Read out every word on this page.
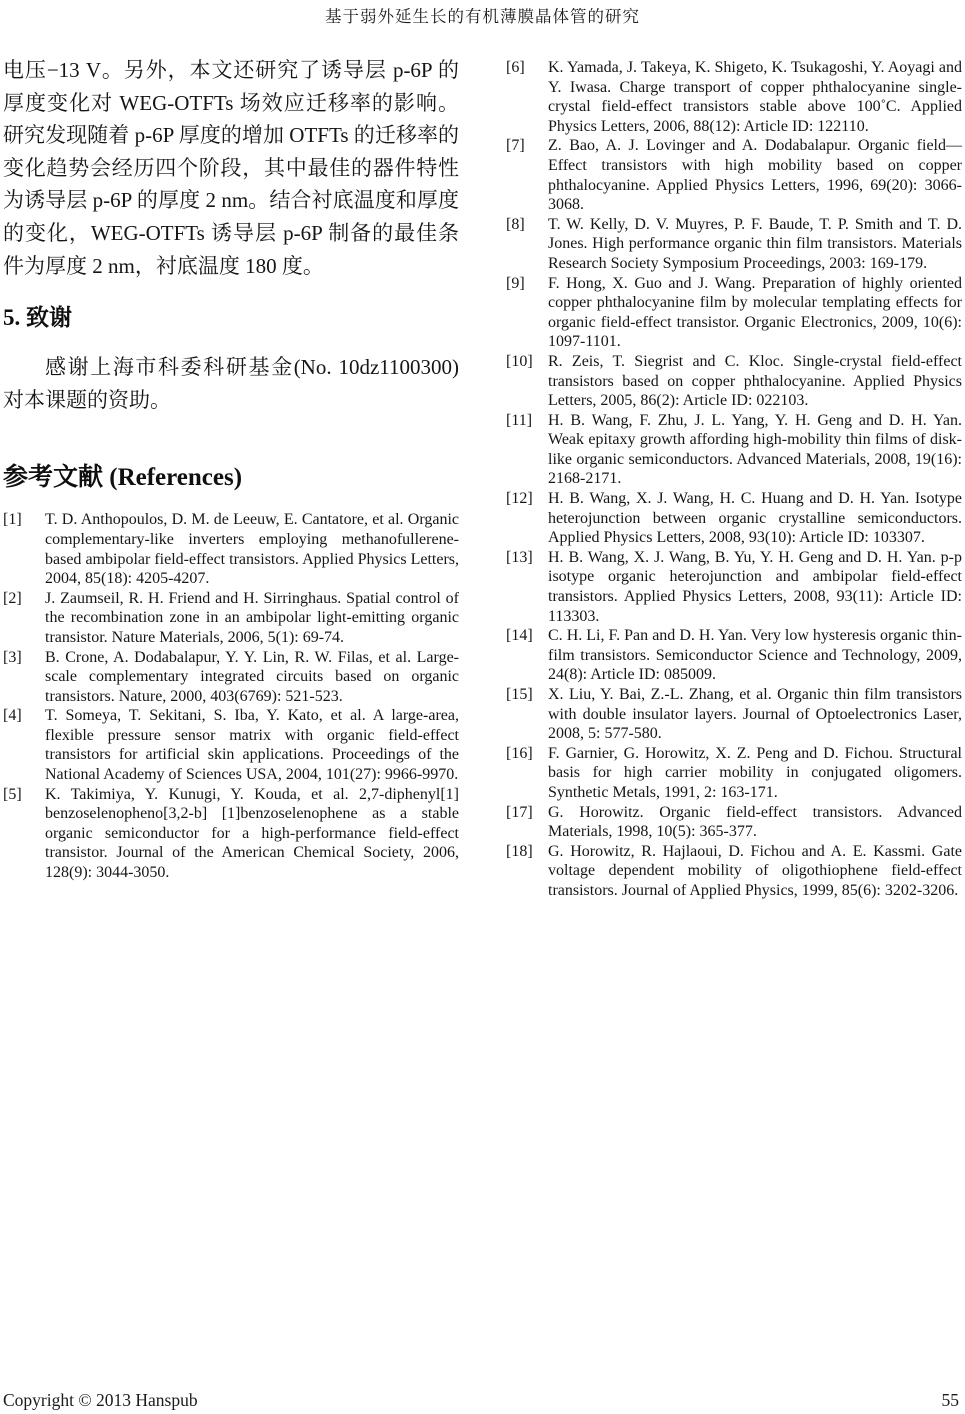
基于弱外延生长的有机薄膜晶体管的研究

电压−13 V。另外，本文还研究了诱导层 p-6P 的厚度变化对 WEG-OTFTs 场效应迁移率的影响。研究发现随着 p-6P 厚度的增加 OTFTs 的迁移率的变化趋势会经历四个阶段，其中最佳的器件特性为诱导层 p-6P 的厚度 2 nm。结合衬底温度和厚度的变化，WEG-OTFTs 诱导层 p-6P 制备的最佳条件为厚度 2 nm，衬底温度 180 度。

5. 致谢

感谢上海市科委科研基金(No. 10dz1100300)对本课题的资助。

参考文献 (References)
[1]	T. D. Anthopoulos, D. M. de Leeuw, E. Cantatore, et al. Organic complementary-like inverters employing methanofullerene-based ambipolar field-effect transistors. Applied Physics Letters, 2004, 85(18): 4205-4207.
[2]	J. Zaumseil, R. H. Friend and H. Sirringhaus. Spatial control of the recombination zone in an ambipolar light-emitting organic transistor. Nature Materials, 2006, 5(1): 69-74.
[3]	B. Crone, A. Dodabalapur, Y. Y. Lin, R. W. Filas, et al. Large-scale complementary integrated circuits based on organic transistors. Nature, 2000, 403(6769): 521-523.
[4]	T. Someya, T. Sekitani, S. Iba, Y. Kato, et al. A large-area, flexible pressure sensor matrix with organic field-effect transistors for artificial skin applications. Proceedings of the National Academy of Sciences USA, 2004, 101(27): 9966-9970.
[5]	K. Takimiya, Y. Kunugi, Y. Kouda, et al. 2,7-diphenyl[1] benzoselenopheno[3,2-b] [1]benzoselenophene as a stable organic semiconductor for a high-performance field-effect transistor. Journal of the American Chemical Society, 2006, 128(9): 3044-3050.
[6]	K. Yamada, J. Takeya, K. Shigeto, K. Tsukagoshi, Y. Aoyagi and Y. Iwasa. Charge transport of copper phthalocyanine single-crystal field-effect transistors stable above 100˚C. Applied Physics Letters, 2006, 88(12): Article ID: 122110.
[7]	Z. Bao, A. J. Lovinger and A. Dodabalapur. Organic field—Effect transistors with high mobility based on copper phthalocyanine. Applied Physics Letters, 1996, 69(20): 3066-3068.
[8]	T. W. Kelly, D. V. Muyres, P. F. Baude, T. P. Smith and T. D. Jones. High performance organic thin film transistors. Materials Research Society Symposium Proceedings, 2003: 169-179.
[9]	F. Hong, X. Guo and J. Wang. Preparation of highly oriented copper phthalocyanine film by molecular templating effects for organic field-effect transistor. Organic Electronics, 2009, 10(6): 1097-1101.
[10] R. Zeis, T. Siegrist and C. Kloc. Single-crystal field-effect transistors based on copper phthalocyanine. Applied Physics Letters, 2005, 86(2): Article ID: 022103.
[11] H. B. Wang, F. Zhu, J. L. Yang, Y. H. Geng and D. H. Yan. Weak epitaxy growth affording high-mobility thin films of disk-like organic semiconductors. Advanced Materials, 2008, 19(16): 2168-2171.
[12] H. B. Wang, X. J. Wang, H. C. Huang and D. H. Yan. Isotype heterojunction between organic crystalline semiconductors. Applied Physics Letters, 2008, 93(10): Article ID: 103307.
[13] H. B. Wang, X. J. Wang, B. Yu, Y. H. Geng and D. H. Yan. p-p isotype organic heterojunction and ambipolar field-effect transistors. Applied Physics Letters, 2008, 93(11): Article ID: 113303.
[14] C. H. Li, F. Pan and D. H. Yan. Very low hysteresis organic thin-film transistors. Semiconductor Science and Technology, 2009, 24(8): Article ID: 085009.
[15] X. Liu, Y. Bai, Z.-L. Zhang, et al. Organic thin film transistors with double insulator layers. Journal of Optoelectronics Laser, 2008, 5: 577-580.
[16] F. Garnier, G. Horowitz, X. Z. Peng and D. Fichou. Structural basis for high carrier mobility in conjugated oligomers. Synthetic Metals, 1991, 2: 163-171.
[17] G. Horowitz. Organic field-effect transistors. Advanced Materials, 1998, 10(5): 365-377.
[18] G. Horowitz, R. Hajlaoui, D. Fichou and A. E. Kassmi. Gate voltage dependent mobility of oligothiophene field-effect transistors. Journal of Applied Physics, 1999, 85(6): 3202-3206.
Copyright © 2013 Hanspub	55
